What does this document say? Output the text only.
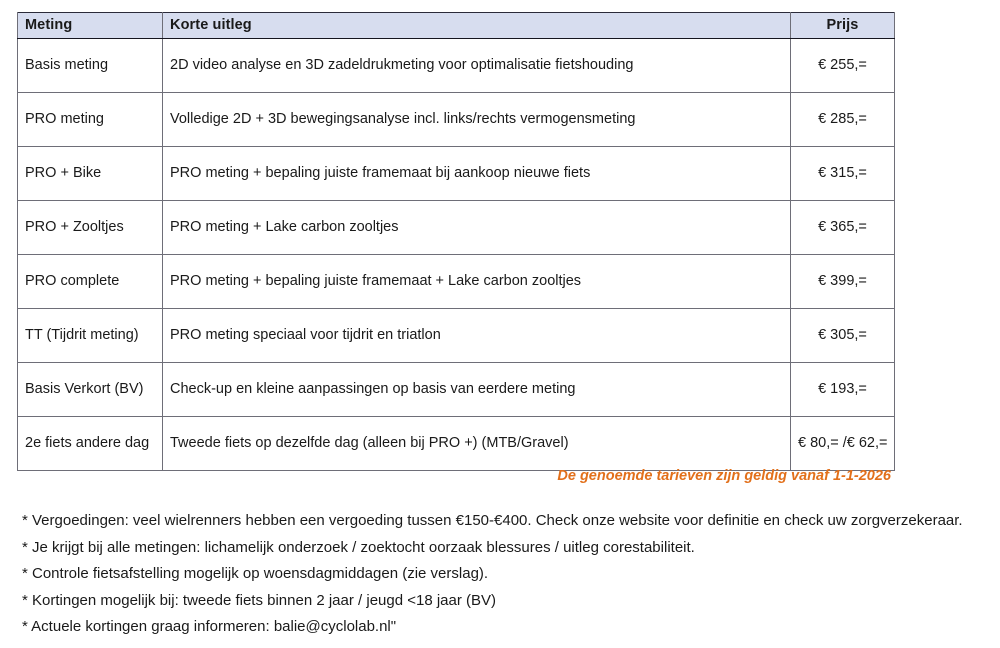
Meting	Korte uitleg	Prijs
Basis meting	2D video analyse en 3D zadeldrukmeting voor optimalisatie fietshouding	€ 255,=
PRO meting	Volledige 2D + 3D bewegingsanalyse incl. links/rechts vermogensmeting	€ 285,=
PRO + Bike	PRO meting + bepaling juiste framemaat bij aankoop nieuwe fiets	€ 315,=
PRO + Zooltjes	PRO meting + Lake carbon zooltjes	€ 365,=
PRO complete	PRO meting + bepaling juiste framemaat + Lake carbon zooltjes	€ 399,=
TT (Tijdrit meting)	PRO meting speciaal voor tijdrit en triatlon	€ 305,=
Basis Verkort (BV)	Check-up en kleine aanpassingen op basis van eerdere meting	€ 193,=
2e fiets andere dag	Tweede fiets op dezelfde dag (alleen bij PRO +) (MTB/Gravel)	€ 80,= /€ 62,=
De genoemde tarieven zijn geldig vanaf 1-1-2026
* Vergoedingen: veel wielrenners hebben een vergoeding tussen €150-€400. Check onze website voor definitie en check uw zorgverzekeraar.
* Je krijgt bij alle metingen: lichamelijk onderzoek / zoektocht oorzaak blessures / uitleg corestabiliteit.
* Controle fietsafstelling mogelijk op woensdagmiddagen (zie verslag).
* Kortingen mogelijk bij: tweede fiets binnen 2 jaar / jeugd <18 jaar (BV)
* Actuele kortingen graag informeren: balie@cyclolab.nl"
